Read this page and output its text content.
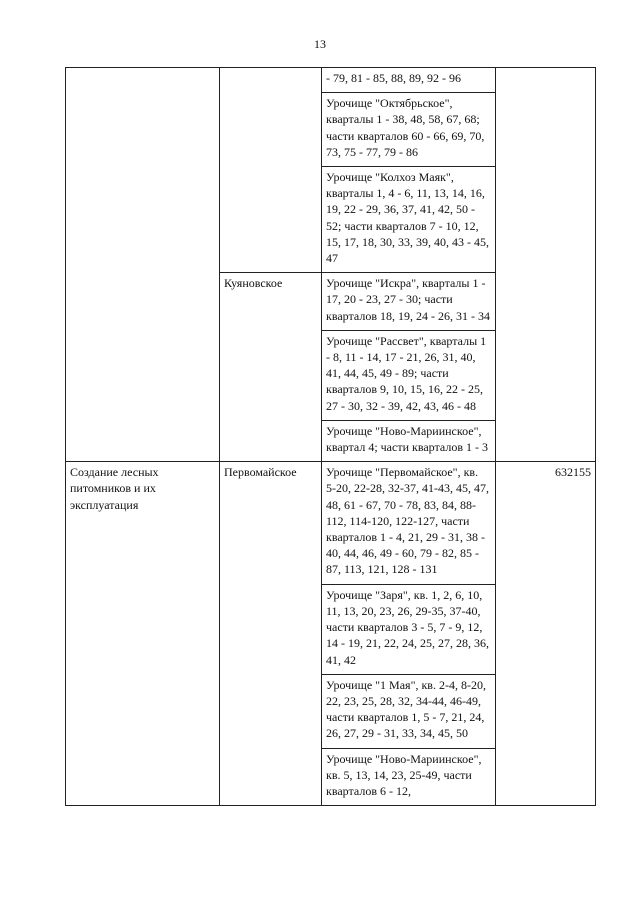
13
		- 79, 81 - 85, 88, 89, 92 - 96	
		Урочище "Октябрьское", кварталы 1 - 38, 48, 58, 67, 68; части кварталов 60 - 66, 69, 70, 73, 75 - 77, 79 - 86	
		Урочище "Колхоз Маяк", кварталы 1, 4 - 6, 11, 13, 14, 16, 19, 22 - 29, 36, 37, 41, 42, 50 - 52; части кварталов 7 - 10, 12, 15, 17, 18, 30, 33, 39, 40, 43 - 45, 47	
	Куяновское	Урочище "Искра", кварталы 1 - 17, 20 - 23, 27 - 30; части кварталов 18, 19, 24 - 26, 31 - 34	
		Урочище "Рассвет", кварталы 1 - 8, 11 - 14, 17 - 21, 26, 31, 40, 41, 44, 45, 49 - 89; части кварталов 9, 10, 15, 16, 22 - 25, 27 - 30, 32 - 39, 42, 43, 46 - 48	
		Урочище "Ново-Мариинское", квартал 4; части кварталов 1 - 3	
Создание лесных питомников и их эксплуатация	Первомайское	Урочище "Первомайское", кв. 5-20, 22-28, 32-37, 41-43, 45, 47, 48, 61 - 67, 70 - 78, 83, 84, 88-112, 114-120, 122-127, части кварталов 1 - 4, 21, 29 - 31, 38 - 40, 44, 46, 49 - 60, 79 - 82, 85 - 87, 113, 121, 128 - 131	632155
		Урочище "Заря", кв. 1, 2, 6, 10, 11, 13, 20, 23, 26, 29-35, 37-40, части кварталов 3 - 5, 7 - 9, 12, 14 - 19, 21, 22, 24, 25, 27, 28, 36, 41, 42	
		Урочище "1 Мая", кв. 2-4, 8-20, 22, 23, 25, 28, 32, 34-44, 46-49, части кварталов 1, 5 - 7, 21, 24, 26, 27, 29 - 31, 33, 34, 45, 50	
		Урочище "Ново-Мариинское", кв. 5, 13, 14, 23, 25-49, части кварталов 6 - 12,	
